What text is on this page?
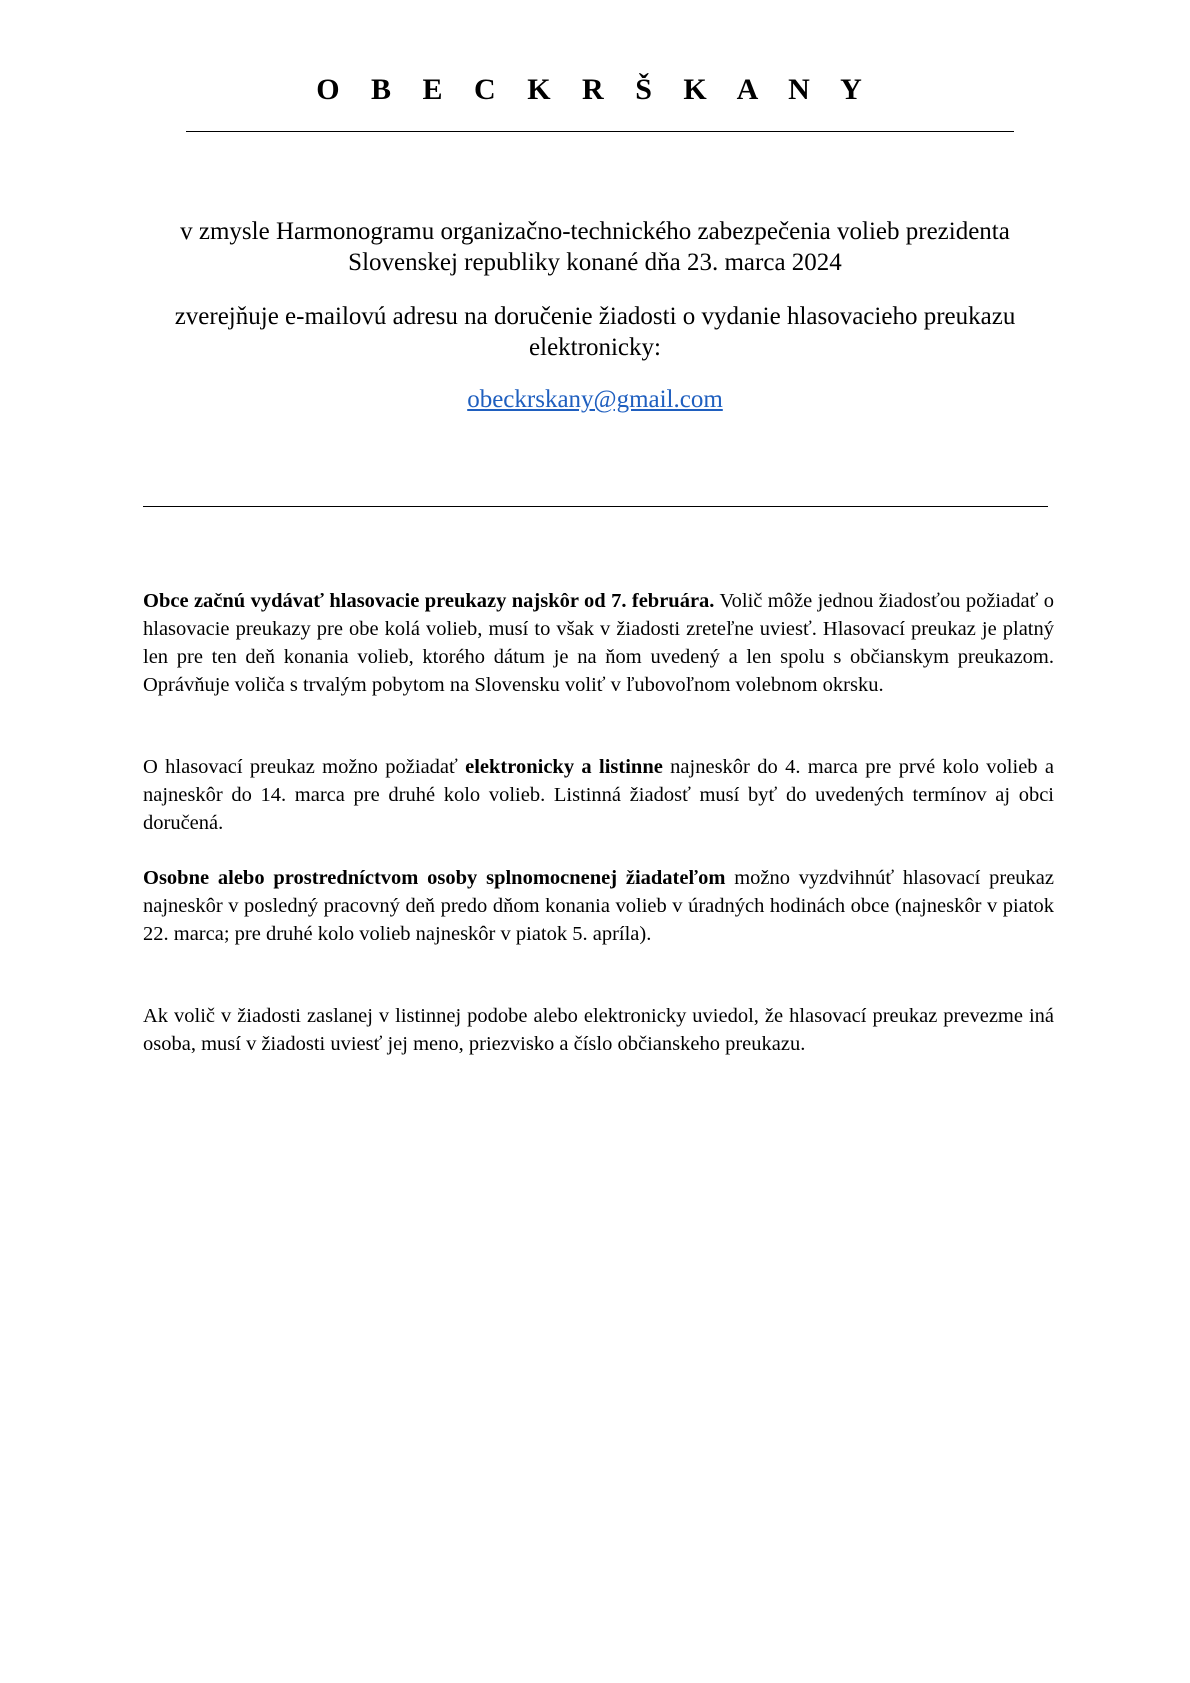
O B E C K R Š K A N Y
v zmysle Harmonogramu organizačno-technického zabezpečenia volieb prezidenta Slovenskej republiky konané dňa 23. marca 2024
zverejňuje e-mailovú adresu na doručenie žiadosti o vydanie hlasovacieho preukazu elektronicky:
obeckrskany@gmail.com

Obce začnú vydávať hlasovacie preukazy najskôr od 7. februára. Volič môže jednou žiadosťou požiadať o hlasovacie preukazy pre obe kolá volieb, musí to však v žiadosti zreteľne uviesť. Hlasovací preukaz je platný len pre ten deň konania volieb, ktorého dátum je na ňom uvedený a len spolu s občianskym preukazom. Oprávňuje voliča s trvalým pobytom na Slovensku voliť v ľubovoľnom volebnom okrsku.

O hlasovací preukaz možno požiadať elektronicky a listinne najneskôr do 4. marca pre prvé kolo volieb a najneskôr do 14. marca pre druhé kolo volieb. Listinná žiadosť musí byť do uvedených termínov aj obci doručená.

Osobne alebo prostredníctvom osoby splnomocnenej žiadateľom možno vyzdvihnúť hlasovací preukaz najneskôr v posledný pracovný deň predo dňom konania volieb v úradných hodinách obce (najneskôr v piatok 22. marca; pre druhé kolo volieb najneskôr v piatok 5. apríla).

Ak volič v žiadosti zaslanej v listinnej podobe alebo elektronicky uviedol, že hlasovací preukaz prevezme iná osoba, musí v žiadosti uviesť jej meno, priezvisko a číslo občianskeho preukazu.
